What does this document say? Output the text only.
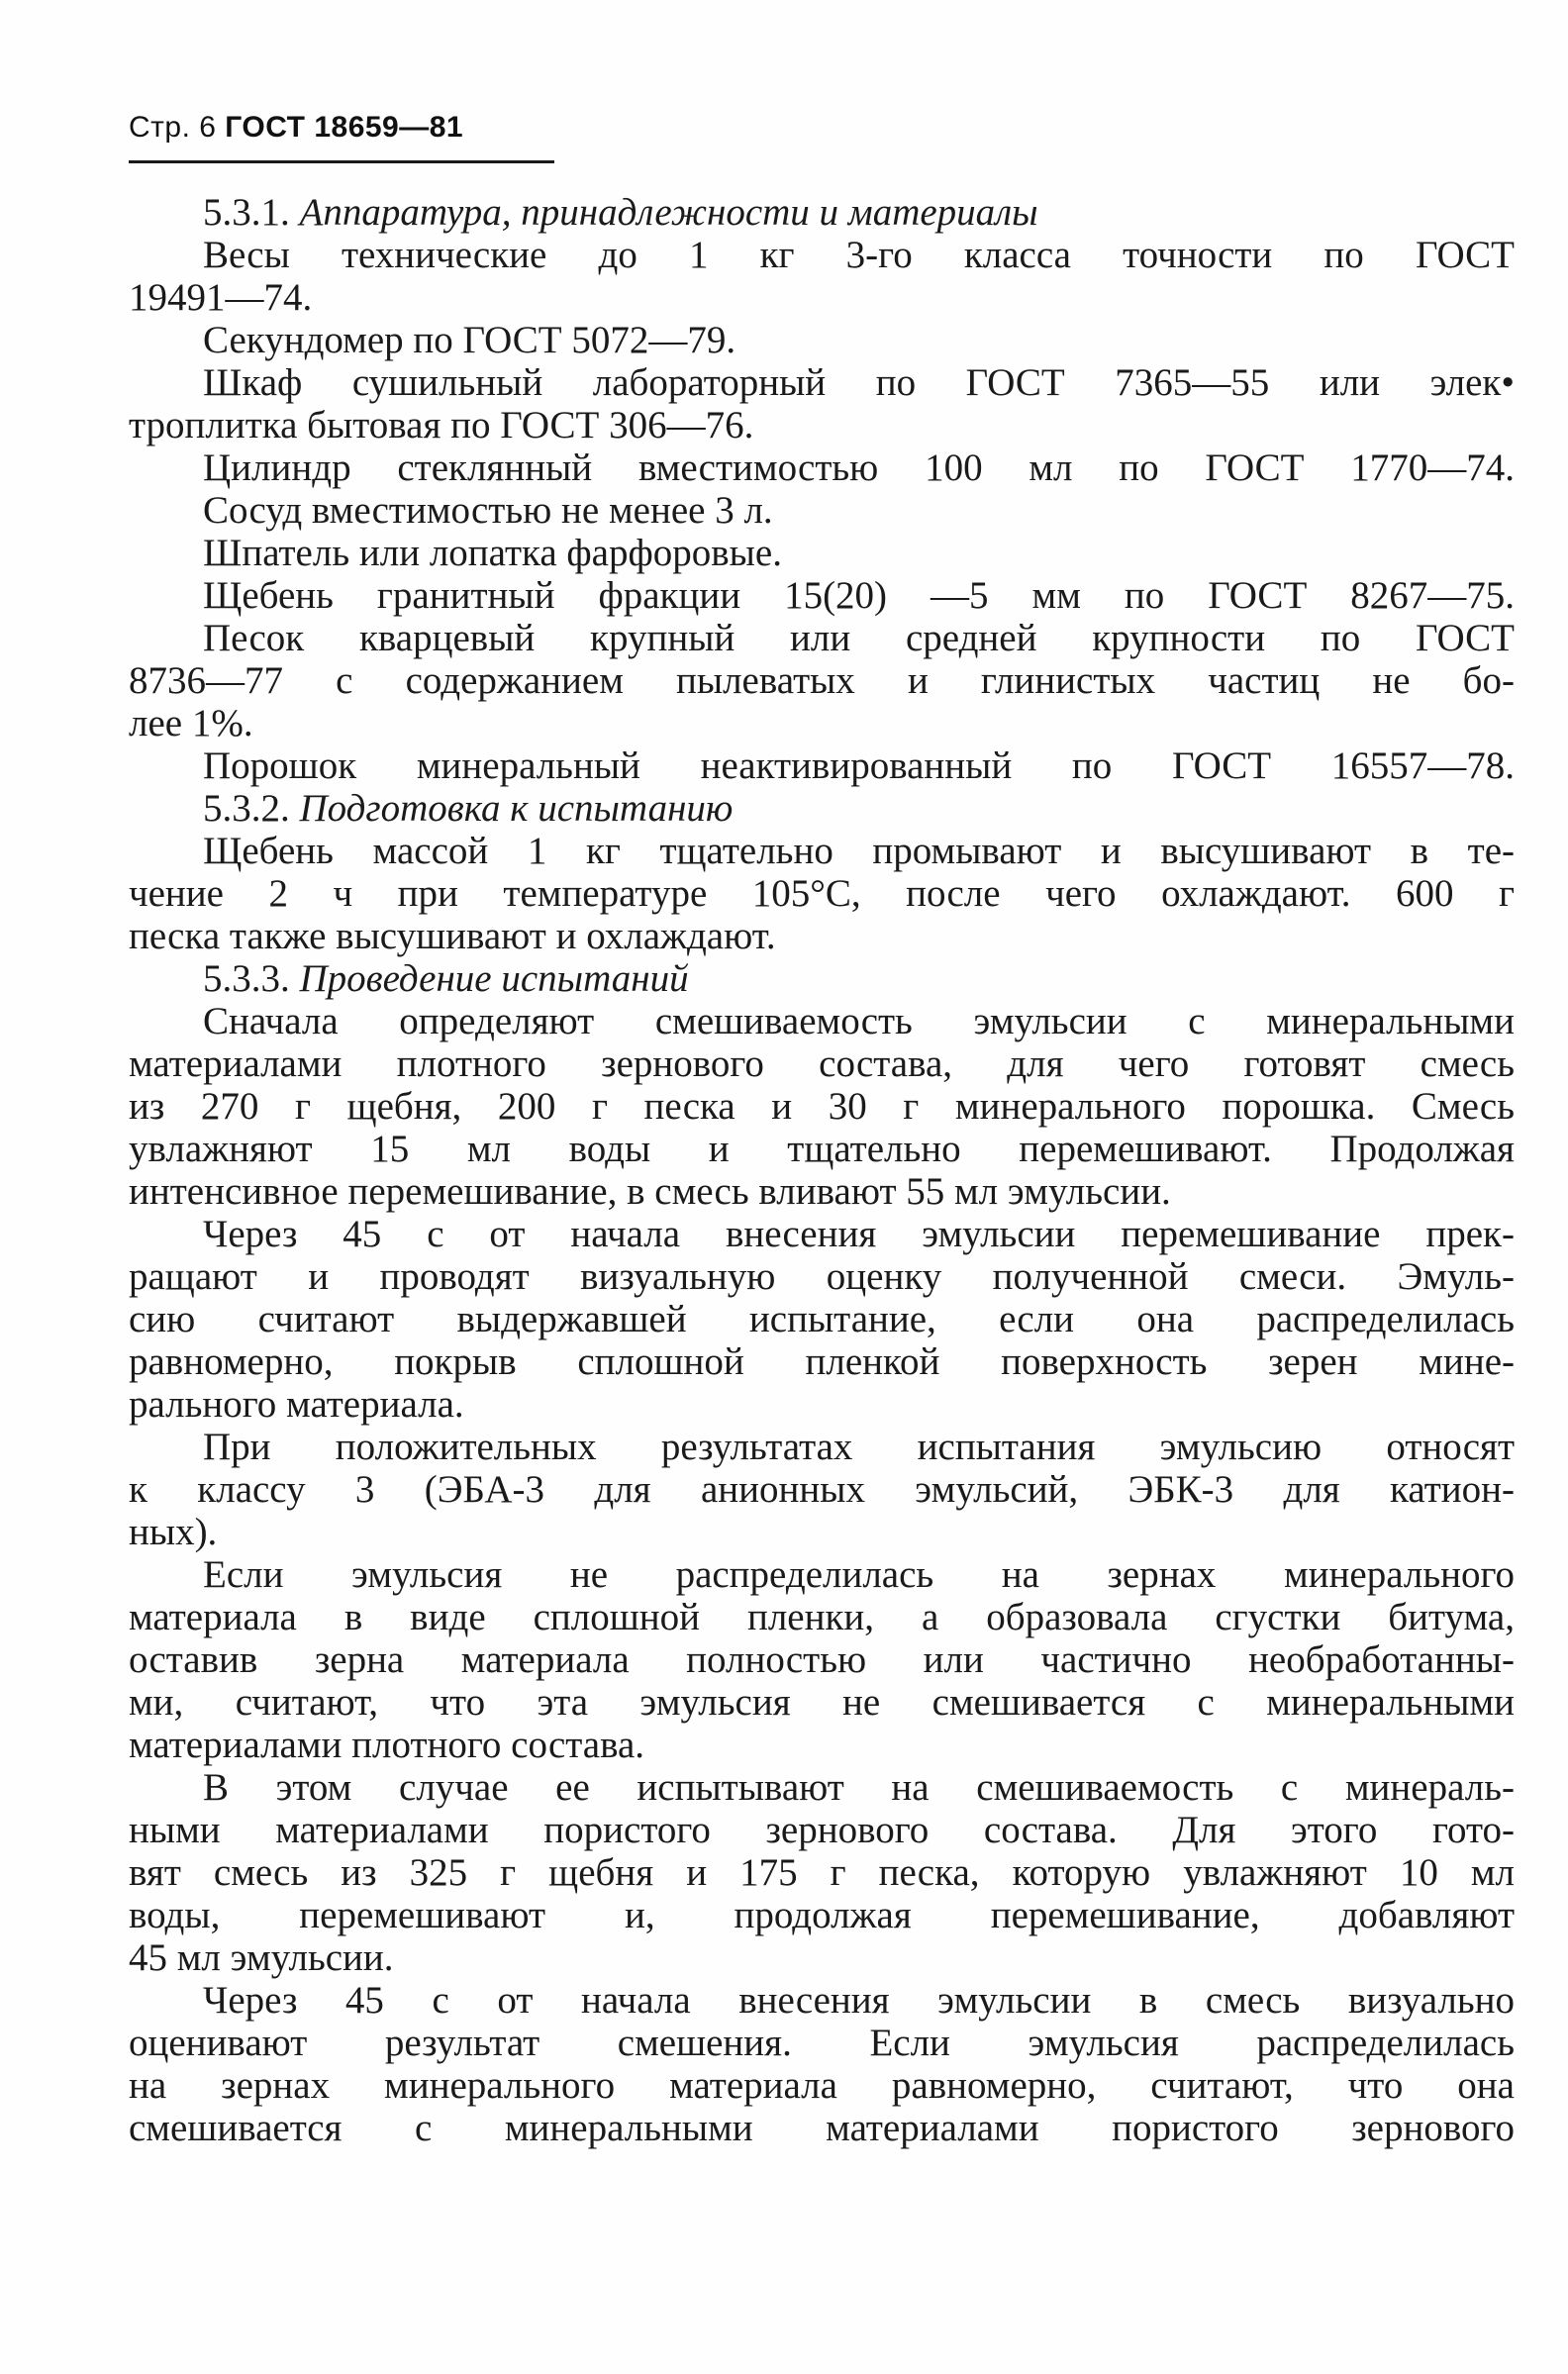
Стр. 6 ГОСТ 18659—81
5.3.1. Аппаратура, принадлежности и материалы
Весы технические до 1 кг 3-го класса точности по ГОСТ
19491—74.
Секундомер по ГОСТ 5072—79.
Шкаф сушильный лабораторный по ГОСТ 7365—55 или элек•
троплитка бытовая по ГОСТ 306—76.
Цилиндр стеклянный вместимостью 100 мл по ГОСТ 1770—74.
Сосуд вместимостью не менее 3 л.
Шпатель или лопатка фарфоровые.
Щебень гранитный фракции 15(20) —5 мм по ГОСТ 8267—75.
Песок кварцевый крупный или средней крупности по ГОСТ
8736—77 с содержанием пылеватых и глинистых частиц не бо-
лее 1%.
Порошок минеральный неактивированный по ГОСТ 16557—78.
5.3.2. Подготовка к испытанию
Щебень массой 1 кг тщательно промывают и высушивают в те-
чение 2 ч при температуре 105°С, после чего охлаждают. 600 г
песка также высушивают и охлаждают.
5.3.3. Проведение испытаний
Сначала определяют смешиваемость эмульсии с минеральными
материалами плотного зернового состава, для чего готовят смесь
из 270 г щебня, 200 г песка и 30 г минерального порошка. Смесь
увлажняют 15 мл воды и тщательно перемешивают. Продолжая
интенсивное перемешивание, в смесь вливают 55 мл эмульсии.
Через 45 с от начала внесения эмульсии перемешивание прек-
ращают и проводят визуальную оценку полученной смеси. Эмуль-
сию считают выдержавшей испытание, если она распределилась
равномерно, покрыв сплошной пленкой поверхность зерен мине-
рального материала.
При положительных результатах испытания эмульсию относят
к классу 3 (ЭБА-3 для анионных эмульсий, ЭБК-3 для катион-
ных).
Если эмульсия не распределилась на зернах минерального
материала в виде сплошной пленки, а образовала сгустки битума,
оставив зерна материала полностью или частично необработанны-
ми, считают, что эта эмульсия не смешивается с минеральными
материалами плотного состава.
В этом случае ее испытывают на смешиваемость с минераль-
ными материалами пористого зернового состава. Для этого гото-
вят смесь из 325 г щебня и 175 г песка, которую увлажняют 10 мл
воды, перемешивают и, продолжая перемешивание, добавляют
45 мл эмульсии.
Через 45 с от начала внесения эмульсии в смесь визуально
оценивают результат смешения. Если эмульсия распределилась
на зернах минерального материала равномерно, считают, что она
смешивается с минеральными материалами пористого зернового
